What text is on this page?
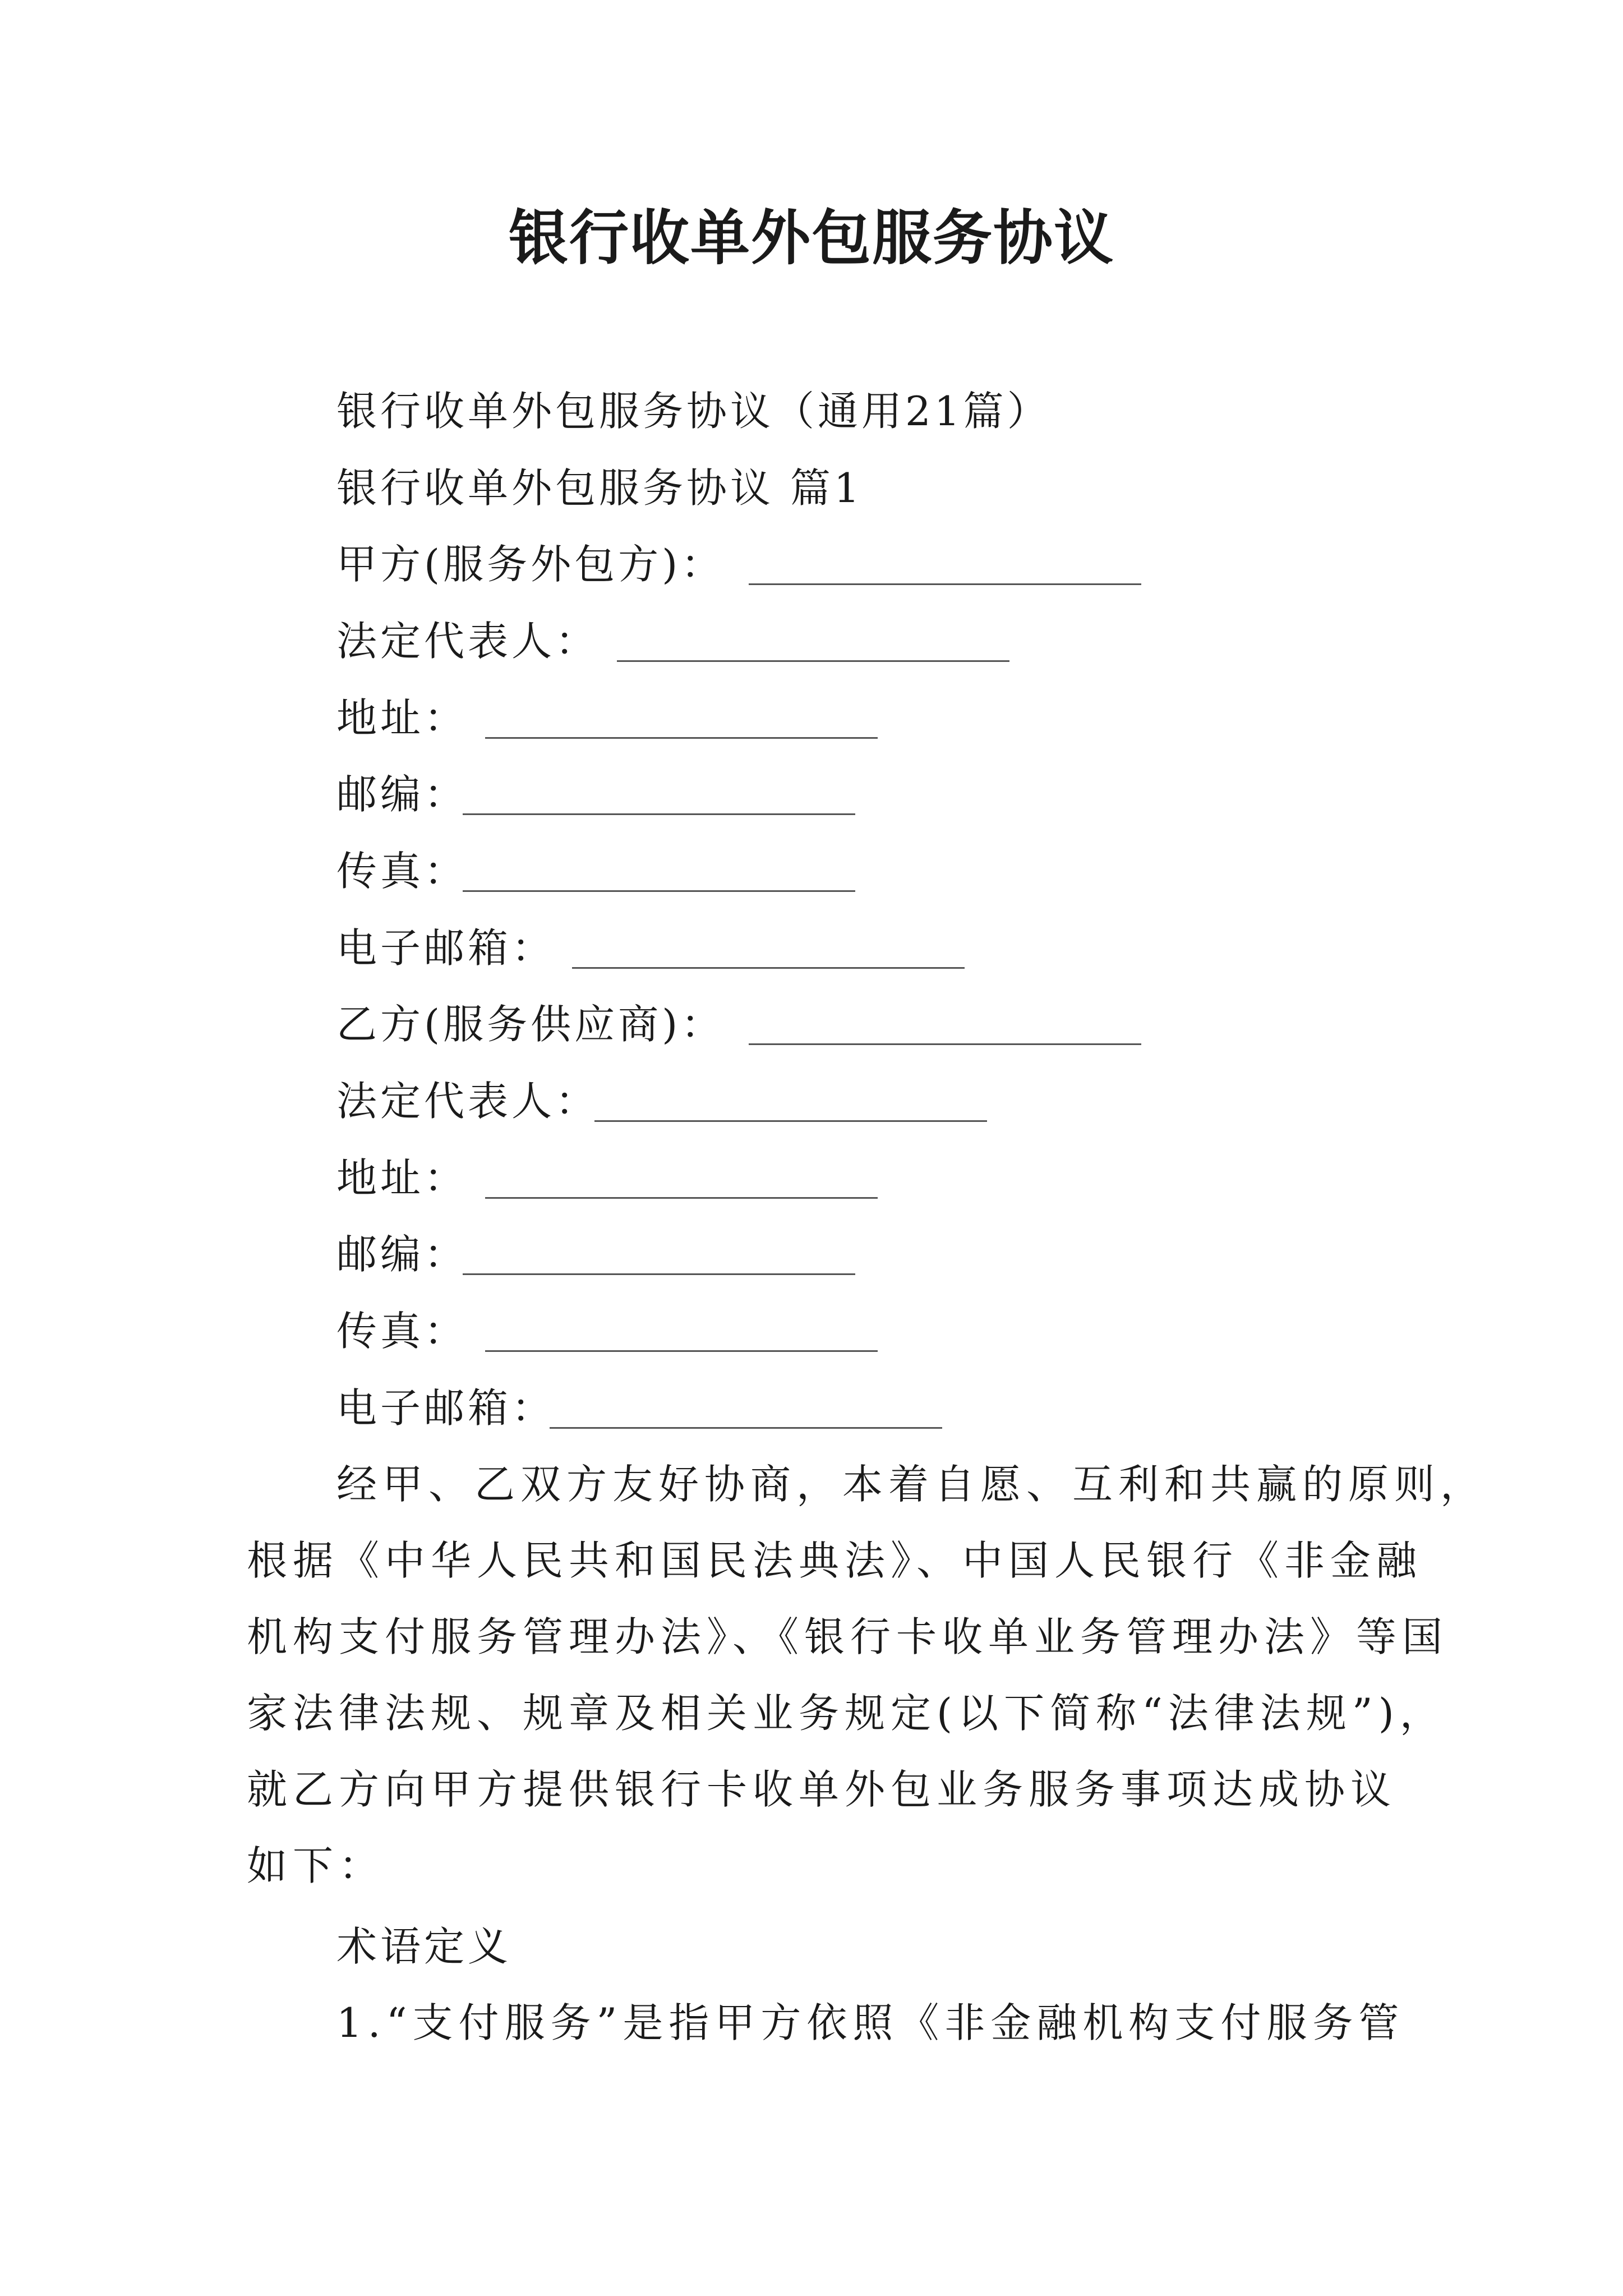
银行收单外包服务协议
银行收单外包服务协议（通用21篇）
银行收单外包服务协议 篇1
甲方(服务外包方)：
法定代表人：
地址：
邮编：
传真：
电子邮箱：
乙方(服务供应商)：
法定代表人：
地址：
邮编：
传真：
电子邮箱：
经甲、乙双方友好协商，本着自愿、互利和共赢的原则，
根据《中华人民共和国民法典法》、中国人民银行《非金融
机构支付服务管理办法》、《银行卡收单业务管理办法》等国
家法律法规、规章及相关业务规定(以下简称“法律法规”)，
就乙方向甲方提供银行卡收单外包业务服务事项达成协议
如下：
术语定义
1.“支付服务”是指甲方依照《非金融机构支付服务管
